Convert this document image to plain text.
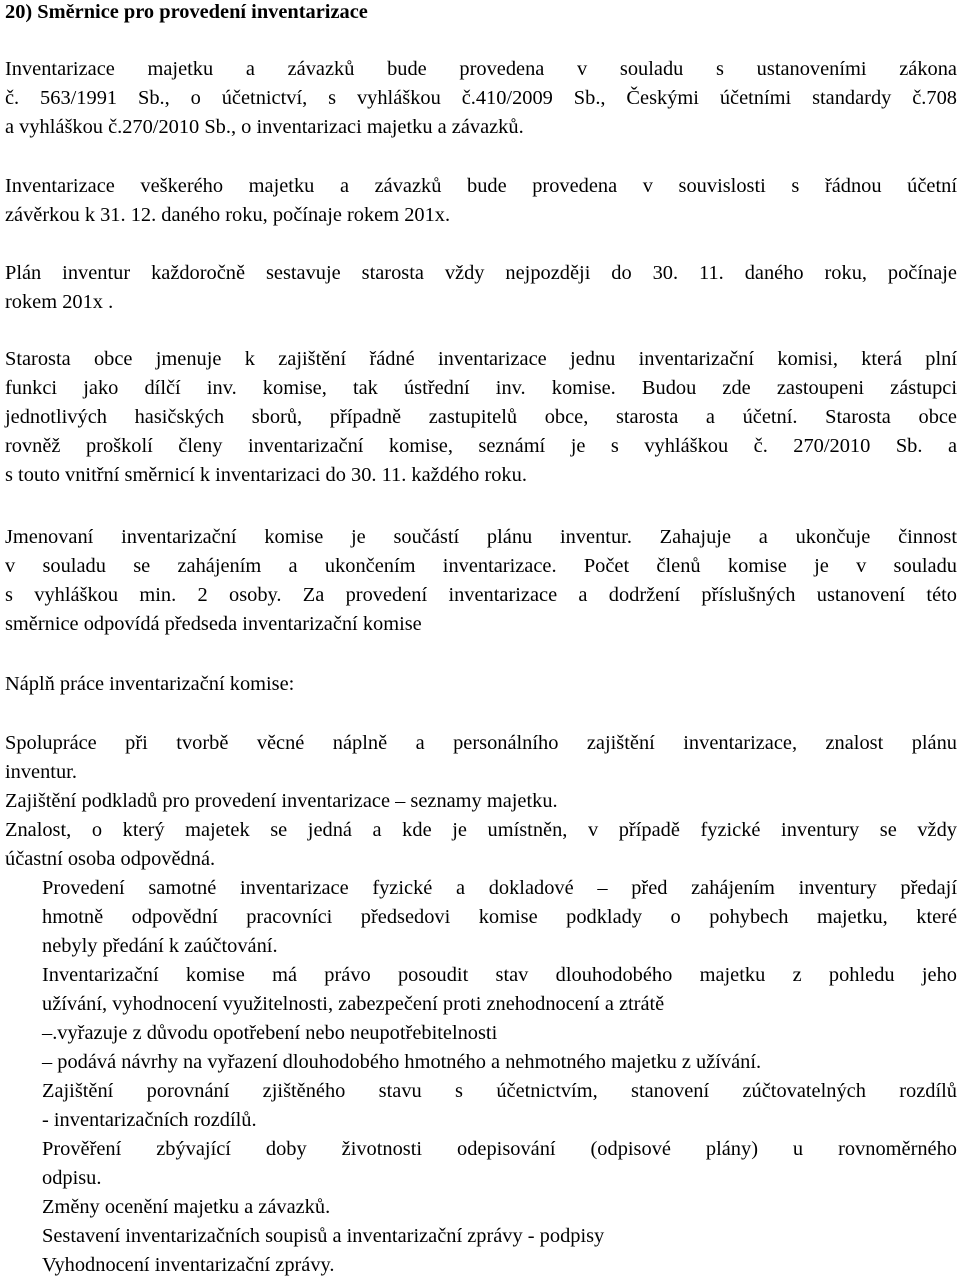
20) Směrnice pro provedení inventarizace
Inventarizace majetku a závazků bude provedena v souladu s ustanoveními zákona
č. 563/1991 Sb., o účetnictví, s vyhláškou č.410/2009 Sb., Českými účetními standardy č.708
a vyhláškou č.270/2010 Sb., o inventarizaci majetku a závazků.
Inventarizace veškerého majetku a závazků bude provedena v souvislosti s řádnou účetní
závěrkou k 31. 12. daného roku, počínaje rokem 201x.
Plán inventur každoročně sestavuje starosta vždy nejpozději do 30. 11. daného roku, počínaje
rokem 201x .
Starosta obce jmenuje k zajištění řádné inventarizace jednu inventarizační komisi, která plní
funkci jako dílčí inv. komise, tak ústřední inv. komise. Budou zde zastoupeni zástupci
jednotlivých hasičských sborů, případně zastupitelů obce, starosta a účetní. Starosta obce
rovněž proškolí členy inventarizační komise, seznámí je s vyhláškou č. 270/2010 Sb. a
s touto vnitřní směrnicí k inventarizaci do 30. 11. každého roku.
Jmenovaní inventarizační komise je součástí plánu inventur. Zahajuje a ukončuje činnost
v souladu se zahájením a ukončením inventarizace. Počet členů komise je v souladu
s vyhláškou min. 2 osoby. Za provedení inventarizace a dodržení příslušných ustanovení této
směrnice odpovídá předseda inventarizační komise
Náplň práce inventarizační komise:
Spolupráce při tvorbě věcné náplně a personálního zajištění inventarizace, znalost plánu
inventur.
Zajištění podkladů pro provedení inventarizace – seznamy majetku.
Znalost, o který majetek se jedná a kde je umístněn, v případě fyzické inventury se vždy
účastní osoba odpovědná.
Provedení samotné inventarizace fyzické a dokladové – před zahájením inventury předají
hmotně odpovědní pracovníci předsedovi komise podklady o pohybech majetku, které
nebyly předání k zaúčtování.
Inventarizační komise má právo posoudit stav dlouhodobého majetku z pohledu jeho
užívání, vyhodnocení využitelnosti, zabezpečení proti znehodnocení a ztrátě
–.vyřazuje z důvodu opotřebení nebo neupotřebitelnosti
– podává návrhy na vyřazení dlouhodobého hmotného a nehmotného majetku z užívání.
Zajištění porovnání zjištěného stavu s účetnictvím, stanovení zúčtovatelných rozdílů
- inventarizačních rozdílů.
Prověření zbývající doby životnosti odepisování (odpisové plány) u rovnoměrného
odpisu.
Změny ocenění majetku a závazků.
Sestavení inventarizačních soupisů a inventarizační zprávy - podpisy
Vyhodnocení inventarizační zprávy.
